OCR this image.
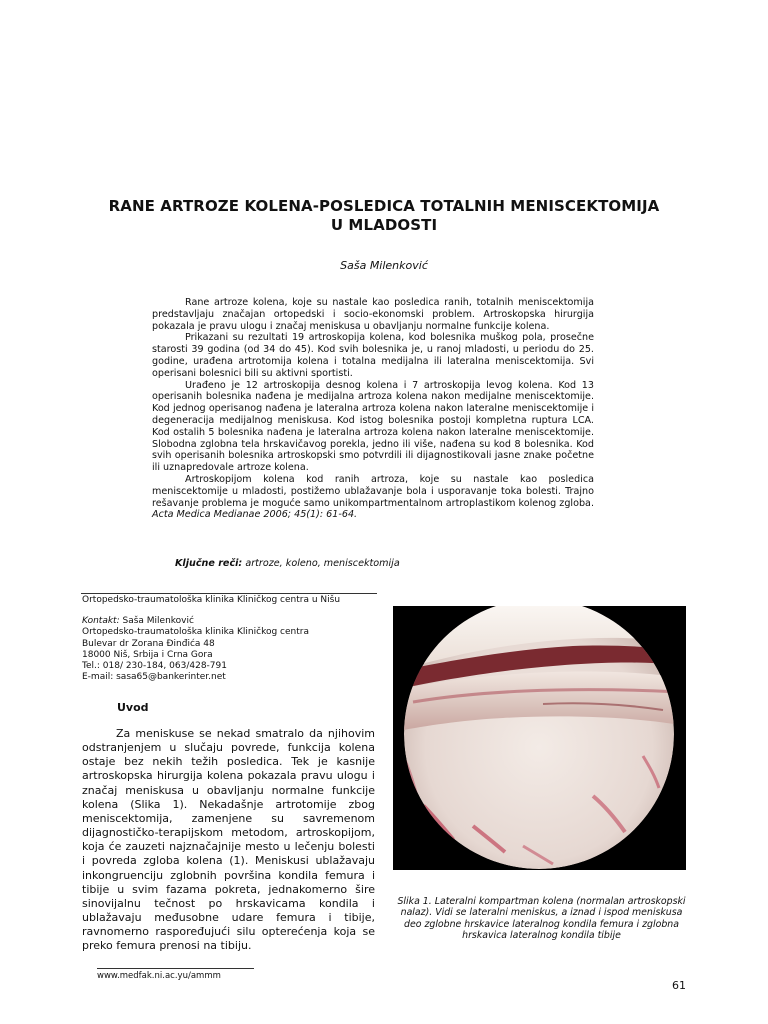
RANE ARTROZE KOLENA-POSLEDICA TOTALNIH MENISCEKTOMIJA
U MLADOSTI
Saša Milenković

Rane artroze kolena, koje su nastale kao posledica ranih, totalnih meniscektomija predstavljaju značajan ortopedski i socio-ekonomski problem. Artroskopska hirurgija pokazala je pravu ulogu i značaj meniskusa u obavljanju normalne funkcije kolena.

Prikazani su rezultati 19 artroskopija kolena, kod bolesnika muškog pola, prosečne starosti 39 godina (od 34 do 45). Kod svih bolesnika je, u ranoj mladosti, u periodu do 25. godine, urađena artrotomija kolena i totalna medijalna ili lateralna meniscektomija. Svi operisani bolesnici bili su aktivni sportisti.

Urađeno je 12 artroskopija desnog kolena i 7 artroskopija levog kolena. Kod 13 operisanih bolesnika nađena je medijalna artroza kolena nakon medijalne meniscektomije. Kod jednog operisanog nađena je lateralna artroza kolena nakon lateralne meniscektomije i degeneracija medijalnog meniskusa. Kod istog bolesnika postoji kompletna ruptura LCA. Kod ostalih 5 bolesnika nađena je lateralna artroza kolena nakon lateralne meniscektomije. Slobodna zglobna tela hrskavičavog porekla, jedno ili više, nađena su kod 8 bolesnika. Kod svih operisanih bolesnika artroskopski smo potvrdili ili dijagnostikovali jasne znake početne ili uznapredovale artroze kolena.

Artroskopijom kolena kod ranih artroza, koje su nastale kao posledica meniscektomije u mladosti, postižemo ublažavanje bola i usporavanje toka bolesti. Trajno rešavanje problema je moguće samo unikompartmentalnom artroplastikom kolenog zgloba. Acta Medica Medianae 2006; 45(1): 61-64.

Ključne reči: artroze, koleno, meniscektomija
Ortopedsko-traumatološka klinika Kliničkog centra u Nišu
Kontakt: Saša Milenković
Ortopedsko-traumatološka klinika Kliničkog centra
Bulevar dr Zorana Đinđića 48
18000 Niš, Srbija i Crna Gora
Tel.: 018/ 230-184, 063/428-791
E-mail: sasa65@bankerinter.net
Uvod

Za meniskuse se nekad smatralo da njihovim odstranjenjem u slučaju povrede, funkcija kolena ostaje bez nekih težih posledica. Tek je kasnije artroskopska hirurgija kolena pokazala pravu ulogu i značaj meniskusa u obavljanju normalne funkcije kolena (Slika 1). Nekadašnje artrotomije zbog meniscektomija, zamenjene su savremenom dijagnostičko-terapijskom metodom, artroskopijom, koja će zauzeti najznačajnije mesto u lečenju bolesti i povreda zgloba kolena (1). Meniskusi ublažavaju inkongruenciju zglobnih površina kondila femura i tibije u svim fazama pokreta, jednakomerno šire sinovijalnu tečnost po hrskavicama kondila i ublažavaju međusobne udare femura i tibije, ravnomerno raspoređujući silu opterećenja koja se preko femura prenosi na tibiju.

Slika 1. Lateralni kompartman kolena (normalan artroskopski nalaz). Vidi se lateralni meniskus, a iznad i ispod meniskusa deo zglobne hrskavice lateralnog kondila femura i zglobna hrskavica lateralnog kondila tibije
www.medfak.ni.ac.yu/ammm
61
